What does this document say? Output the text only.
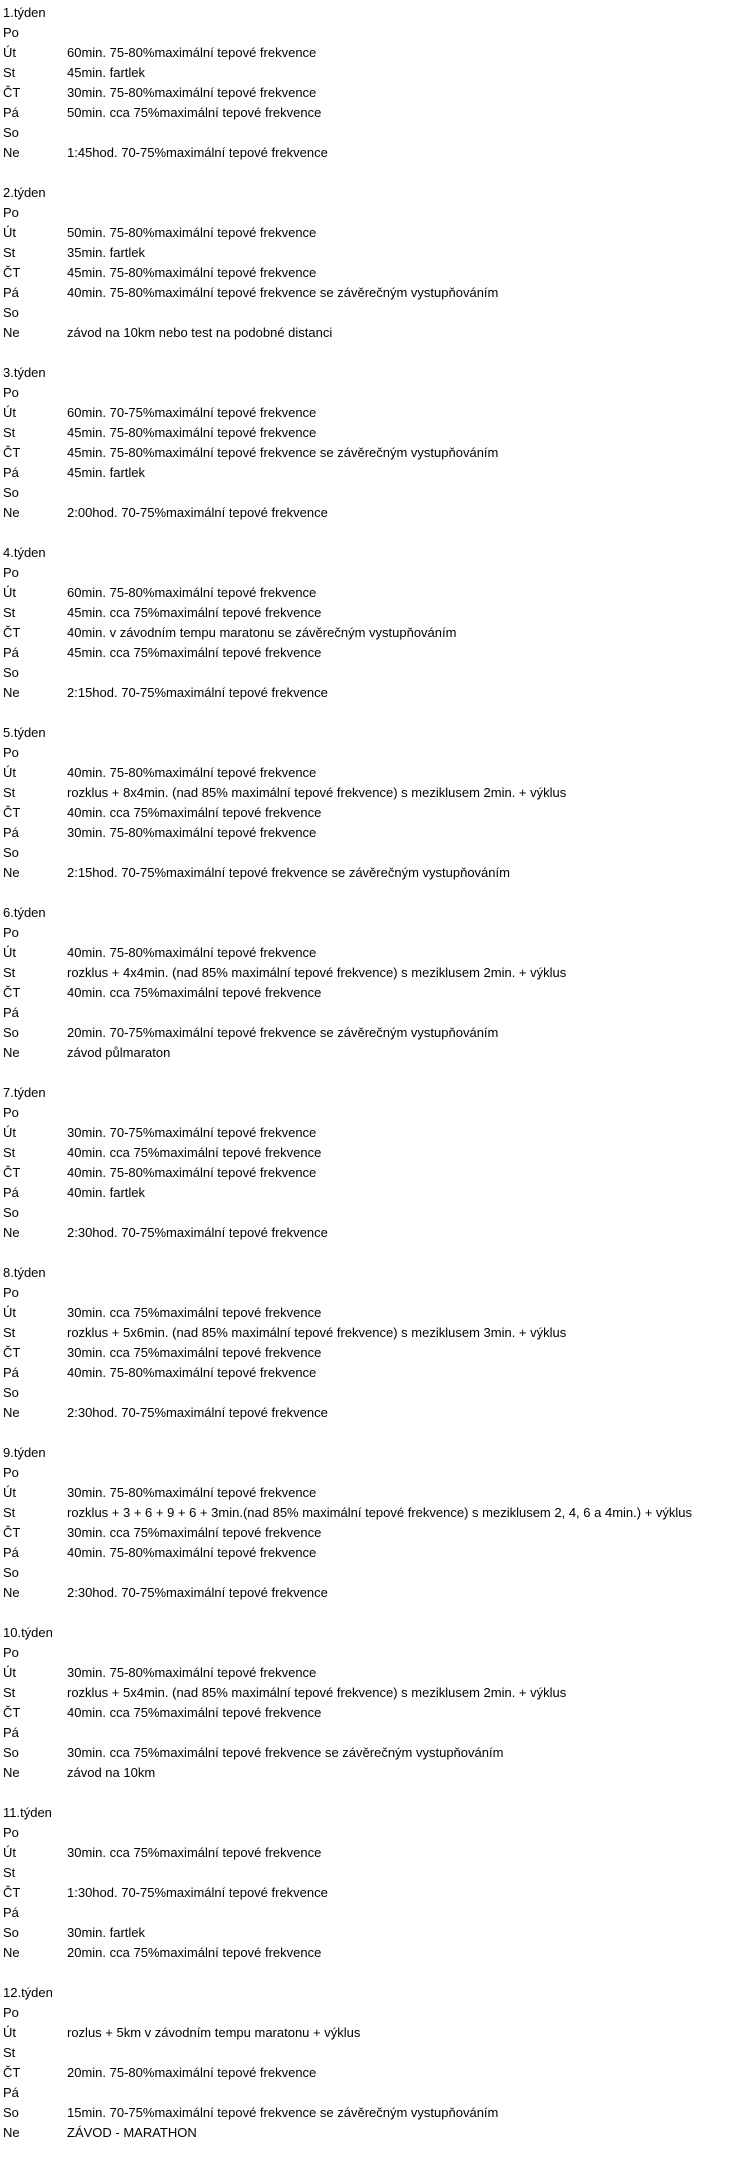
1.týden
Po
Út	60min. 75-80%maximální tepové frekvence
St	45min. fartlek
ČT	30min. 75-80%maximální tepové frekvence
Pá	50min. cca 75%maximální tepové frekvence
So
Ne	1:45hod. 70-75%maximální tepové frekvence
2.týden
Po
Út	50min. 75-80%maximální tepové frekvence
St	35min. fartlek
ČT	45min. 75-80%maximální tepové frekvence
Pá	40min. 75-80%maximální tepové frekvence se závěrečným vystupňováním
So
Ne	závod na 10km nebo test na podobné distanci
3.týden
Po
Út	60min. 70-75%maximální tepové frekvence
St	45min. 75-80%maximální tepové frekvence
ČT	45min. 75-80%maximální tepové frekvence se závěrečným vystupňováním
Pá	45min. fartlek
So
Ne	2:00hod. 70-75%maximální tepové frekvence
4.týden
Po
Út	60min. 75-80%maximální tepové frekvence
St	45min. cca 75%maximální tepové frekvence
ČT	40min. v závodním tempu maratonu se závěrečným vystupňováním
Pá	45min. cca 75%maximální tepové frekvence
So
Ne	2:15hod. 70-75%maximální tepové frekvence
5.týden
Po
Út	40min. 75-80%maximální tepové frekvence
St	rozklus + 8x4min. (nad 85% maximální tepové frekvence) s meziklusem 2min. + výklus
ČT	40min. cca 75%maximální tepové frekvence
Pá	30min. 75-80%maximální tepové frekvence
So
Ne	2:15hod. 70-75%maximální tepové frekvence se závěrečným vystupňováním
6.týden
Po
Út	40min. 75-80%maximální tepové frekvence
St	rozklus + 4x4min. (nad 85% maximální tepové frekvence) s meziklusem 2min. + výklus
ČT	40min. cca 75%maximální tepové frekvence
Pá
So	20min. 70-75%maximální tepové frekvence se závěrečným vystupňováním
Ne	závod půlmaraton
7.týden
Po
Út	30min. 70-75%maximální tepové frekvence
St	40min. cca 75%maximální tepové frekvence
ČT	40min. 75-80%maximální tepové frekvence
Pá	40min. fartlek
So
Ne	2:30hod. 70-75%maximální tepové frekvence
8.týden
Po
Út	30min. cca 75%maximální tepové frekvence
St	rozklus + 5x6min. (nad 85% maximální tepové frekvence) s meziklusem 3min. + výklus
ČT	30min. cca 75%maximální tepové frekvence
Pá	40min. 75-80%maximální tepové frekvence
So
Ne	2:30hod. 70-75%maximální tepové frekvence
9.týden
Po
Út	30min. 75-80%maximální tepové frekvence
St	rozklus + 3 + 6 + 9 + 6 + 3min.(nad 85% maximální tepové frekvence) s meziklusem 2, 4, 6 a 4min.) + výklus
ČT	30min. cca 75%maximální tepové frekvence
Pá	40min. 75-80%maximální tepové frekvence
So
Ne	2:30hod. 70-75%maximální tepové frekvence
10.týden
Po
Út	30min. 75-80%maximální tepové frekvence
St	rozklus + 5x4min. (nad 85% maximální tepové frekvence) s meziklusem 2min. + výklus
ČT	40min. cca 75%maximální tepové frekvence
Pá
So	30min. cca 75%maximální tepové frekvence se závěrečným vystupňováním
Ne	závod na 10km
11.týden
Po
Út	30min. cca 75%maximální tepové frekvence
St
ČT	1:30hod. 70-75%maximální tepové frekvence
Pá
So	30min. fartlek
Ne	20min. cca 75%maximální tepové frekvence
12.týden
Po
Út	rozlus + 5km v závodním tempu maratonu + výklus
St
ČT	20min. 75-80%maximální tepové frekvence
Pá
So	15min. 70-75%maximální tepové frekvence se závěrečným vystupňováním
Ne	ZÁVOD - MARATHON
